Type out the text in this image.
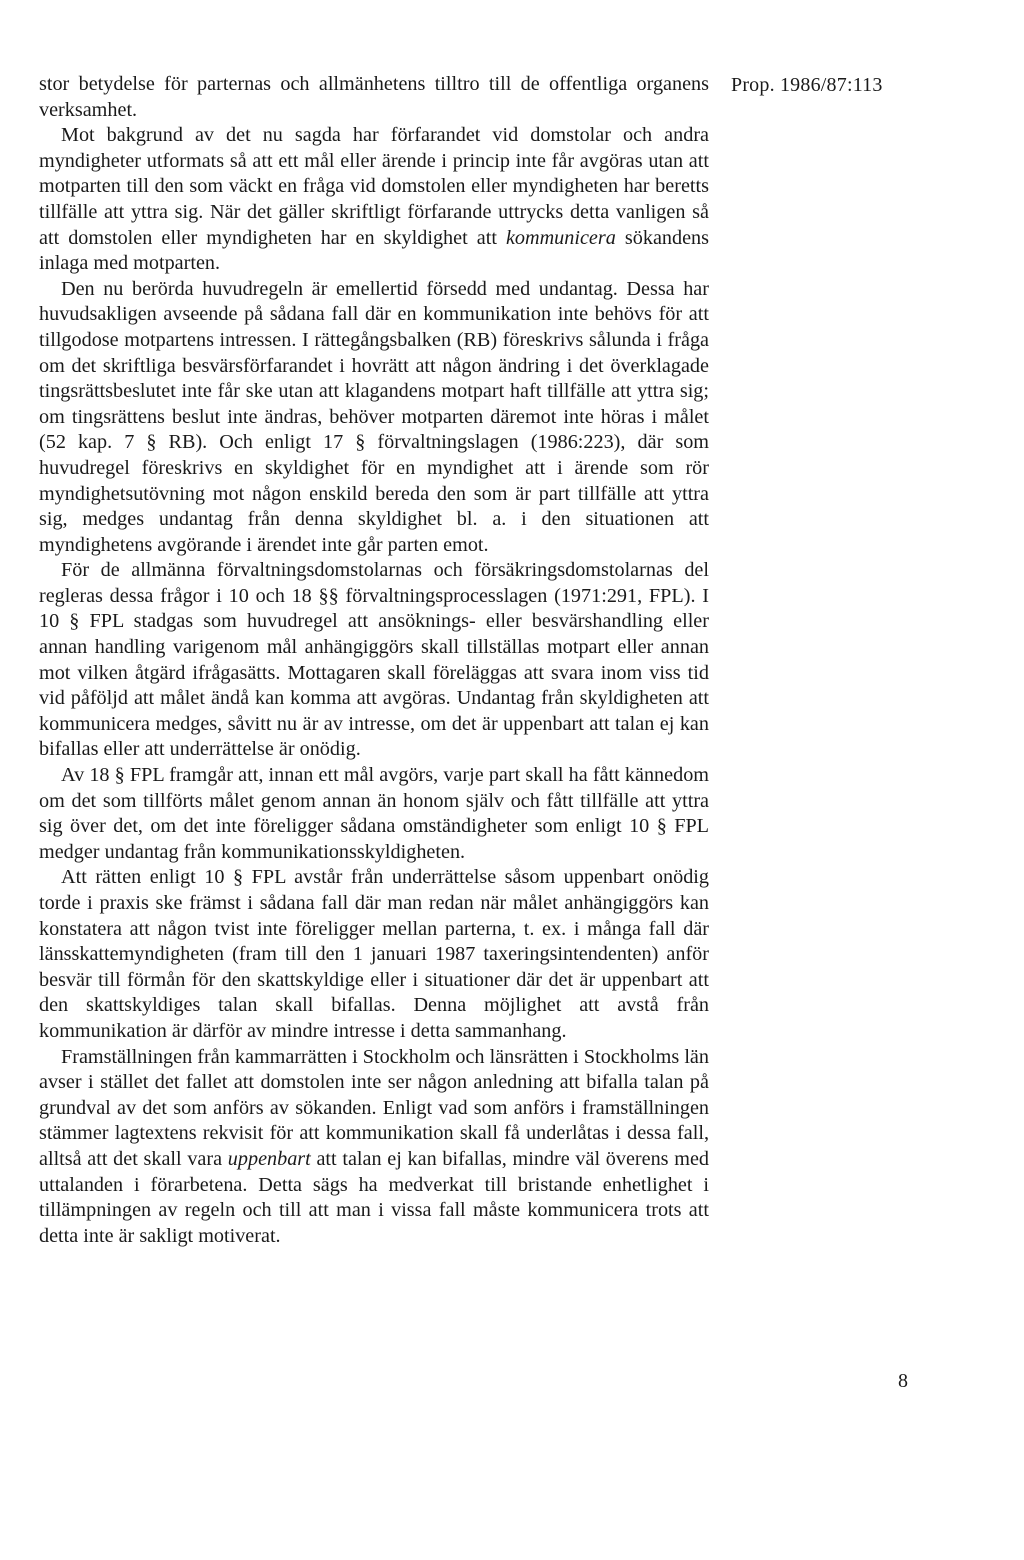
Prop. 1986/87:113
8

stor betydelse för parternas och allmänhetens tilltro till de offentliga organens verksamhet.

Mot bakgrund av det nu sagda har förfarandet vid domstolar och andra myndigheter utformats så att ett mål eller ärende i princip inte får avgöras utan att motparten till den som väckt en fråga vid domstolen eller myndigheten har beretts tillfälle att yttra sig. När det gäller skriftligt förfarande uttrycks detta vanligen så att domstolen eller myndigheten har en skyldighet att kommunicera sökandens inlaga med motparten.

Den nu berörda huvudregeln är emellertid försedd med undantag. Dessa har huvudsakligen avseende på sådana fall där en kommunikation inte behövs för att tillgodose motpartens intressen. I rättegångsbalken (RB) föreskrivs sålunda i fråga om det skriftliga besvärsförfarandet i hovrätt att någon ändring i det överklagade tingsrättsbeslutet inte får ske utan att klagandens motpart haft tillfälle att yttra sig; om tingsrättens beslut inte ändras, behöver motparten däremot inte höras i målet (52 kap. 7 § RB). Och enligt 17 § förvaltningslagen (1986:223), där som huvudregel föreskrivs en skyldighet för en myndighet att i ärende som rör myndighetsutövning mot någon enskild bereda den som är part tillfälle att yttra sig, medges undantag från denna skyldighet bl. a. i den situationen att myndighetens avgörande i ärendet inte går parten emot.

För de allmänna förvaltningsdomstolarnas och försäkringsdomstolarnas del regleras dessa frågor i 10 och 18 §§ förvaltningsprocesslagen (1971:291, FPL). I 10 § FPL stadgas som huvudregel att ansöknings- eller besvärshandling eller annan handling varigenom mål anhängiggörs skall tillställas motpart eller annan mot vilken åtgärd ifrågasätts. Mottagaren skall föreläggas att svara inom viss tid vid påföljd att målet ändå kan komma att avgöras. Undantag från skyldigheten att kommunicera medges, såvitt nu är av intresse, om det är uppenbart att talan ej kan bifallas eller att underrättelse är onödig.

Av 18 § FPL framgår att, innan ett mål avgörs, varje part skall ha fått kännedom om det som tillförts målet genom annan än honom själv och fått tillfälle att yttra sig över det, om det inte föreligger sådana omständigheter som enligt 10 § FPL medger undantag från kommunikationsskyldigheten.

Att rätten enligt 10 § FPL avstår från underrättelse såsom uppenbart onödig torde i praxis ske främst i sådana fall där man redan när målet anhängiggörs kan konstatera att någon tvist inte föreligger mellan parterna, t. ex. i många fall där länsskattemyndigheten (fram till den 1 januari 1987 taxeringsintendenten) anför besvär till förmån för den skattskyldige eller i situationer där det är uppenbart att den skattskyldiges talan skall bifallas. Denna möjlighet att avstå från kommunikation är därför av mindre intresse i detta sammanhang.

Framställningen från kammarrätten i Stockholm och länsrätten i Stockholms län avser i stället det fallet att domstolen inte ser någon anledning att bifalla talan på grundval av det som anförs av sökanden. Enligt vad som anförs i framställningen stämmer lagtextens rekvisit för att kommunikation skall få underlåtas i dessa fall, alltså att det skall vara uppenbart att talan ej kan bifallas, mindre väl överens med uttalanden i förarbetena. Detta sägs ha medverkat till bristande enhetlighet i tillämpningen av regeln och till att man i vissa fall måste kommunicera trots att detta inte är sakligt motiverat.
